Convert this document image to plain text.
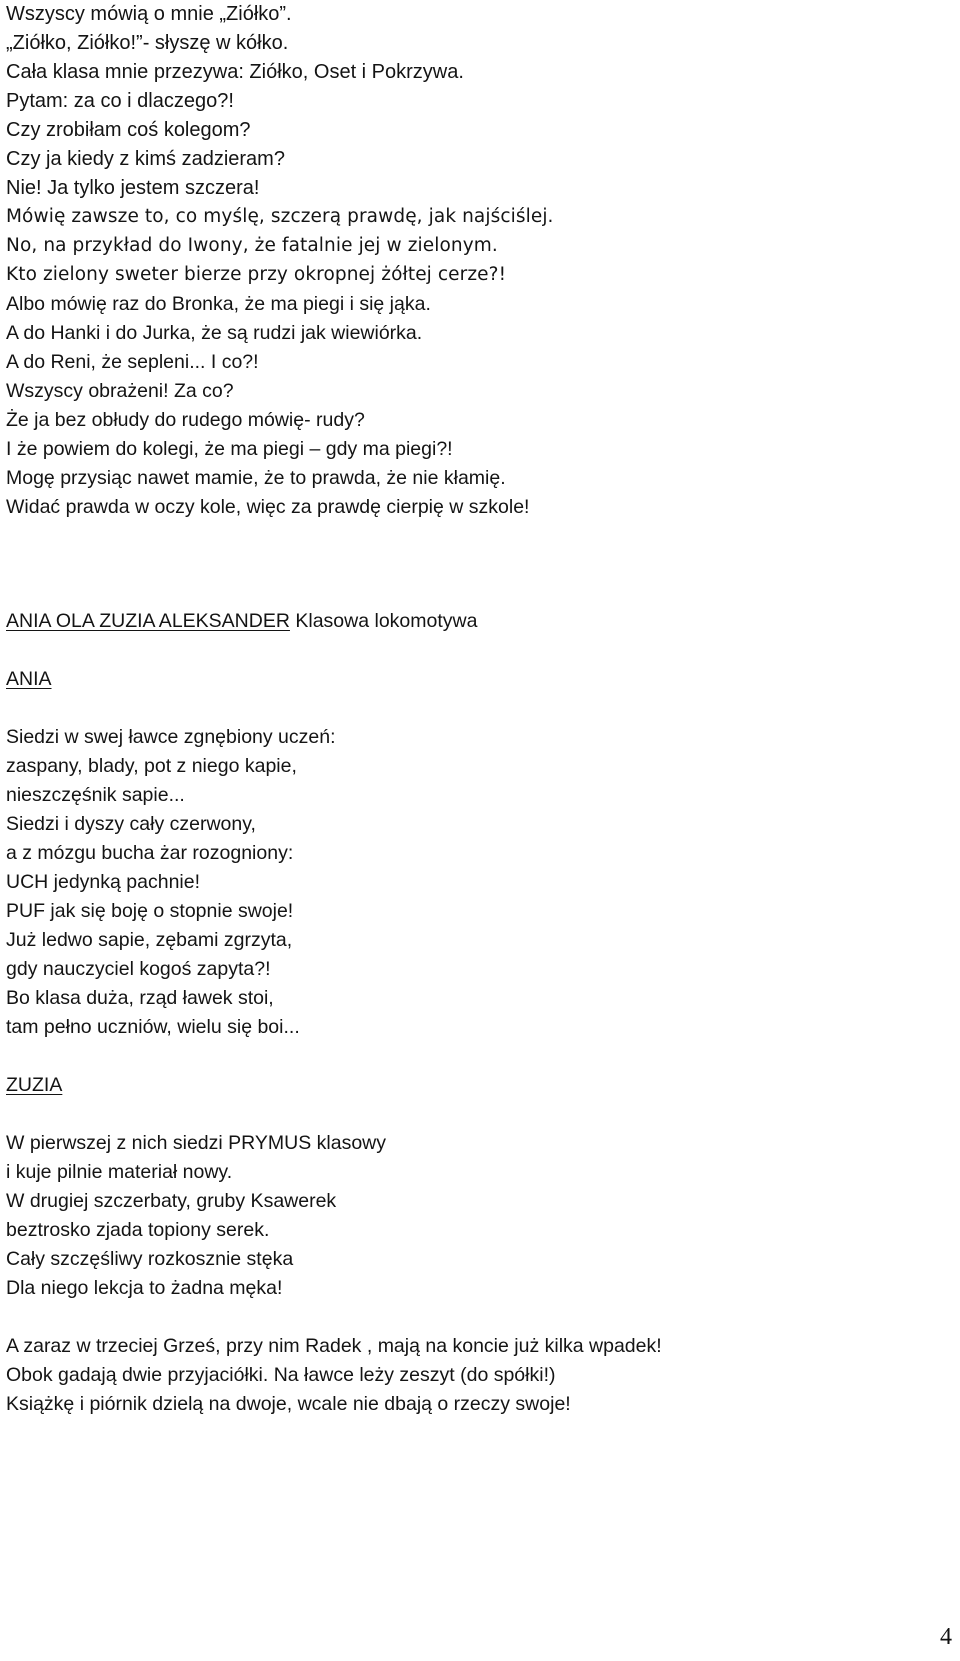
Wszyscy mówią o mnie „Ziółko”.
„Ziółko, Ziółko!”- słyszę w kółko.
Cała klasa mnie przezywa: Ziółko, Oset i Pokrzywa.
Pytam: za co i dlaczego?!
Czy zrobiłam coś kolegom?
Czy ja kiedy z kimś zadzieram?
Nie! Ja tylko jestem szczera!
Mówię zawsze to, co myślę, szczerą prawdę, jak najściślej.
No, na przykład do Iwony, że fatalnie jej w zielonym.
Kto zielony sweter bierze przy okropnej żółtej cerze?!
Albo mówię raz do Bronka, że ma piegi i się jąka.
A do Hanki i do Jurka, że są rudzi jak wiewiórka.
A do Reni, że sepleni... I co?!
Wszyscy obrażeni! Za co?
Że ja bez obłudy do rudego mówię- rudy?
I że powiem do kolegi, że ma piegi – gdy ma piegi?!
Mogę przysiąc nawet mamie, że to prawda, że nie kłamię.
Widać prawda w oczy kole, więc za prawdę cierpię w szkole!
ANIA OLA ZUZIA ALEKSANDER Klasowa lokomotywa
ANIA
Siedzi w swej ławce zgnębiony uczeń:
zaspany, blady, pot z niego kapie,
nieszczęśnik sapie...
Siedzi i dyszy cały czerwony,
a z mózgu bucha żar rozogniony:
UCH jedynką pachnie!
PUF jak się boję o stopnie swoje!
Już ledwo sapie, zębami zgrzyta,
gdy nauczyciel kogoś zapyta?!
Bo klasa duża, rząd ławek stoi,
tam pełno uczniów, wielu się boi...
ZUZIA
W pierwszej z nich siedzi PRYMUS klasowy
i kuje pilnie materiał nowy.
W drugiej szczerbaty, gruby Ksawerek
beztrosko zjada topiony serek.
Cały szczęśliwy rozkosznie stęka
Dla niego lekcja to żadna męka!
A zaraz w trzeciej Grześ, przy nim Radek , mają na koncie już kilka wpadek!
Obok gadają dwie przyjaciółki. Na ławce leży zeszyt (do spółki!)
Książkę i piórnik dzielą na dwoje, wcale nie dbają o rzeczy swoje!
4
